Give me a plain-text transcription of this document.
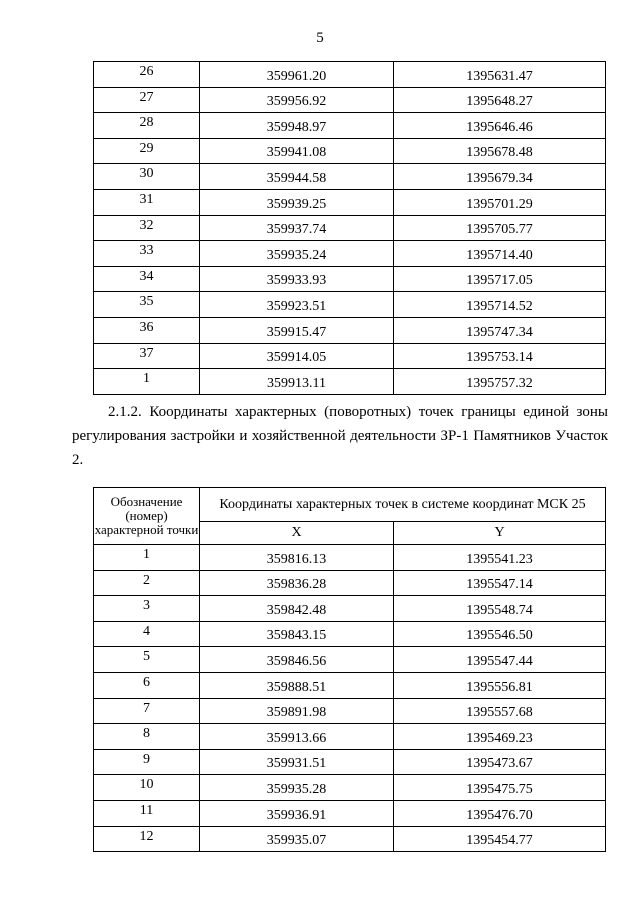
5
26	359961.20	1395631.47
27	359956.92	1395648.27
28	359948.97	1395646.46
29	359941.08	1395678.48
30	359944.58	1395679.34
31	359939.25	1395701.29
32	359937.74	1395705.77
33	359935.24	1395714.40
34	359933.93	1395717.05
35	359923.51	1395714.52
36	359915.47	1395747.34
37	359914.05	1395753.14
1	359913.11	1395757.32
2.1.2. Координаты характерных (поворотных) точек границы единой зоны регулирования застройки и хозяйственной деятельности ЗР-1 Памятников Участок 2.
Обозначение (номер) характерной точки	Координаты характерных точек в системе координат МСК 25	
	X	Y
1	359816.13	1395541.23
2	359836.28	1395547.14
3	359842.48	1395548.74
4	359843.15	1395546.50
5	359846.56	1395547.44
6	359888.51	1395556.81
7	359891.98	1395557.68
8	359913.66	1395469.23
9	359931.51	1395473.67
10	359935.28	1395475.75
11	359936.91	1395476.70
12	359935.07	1395454.77
